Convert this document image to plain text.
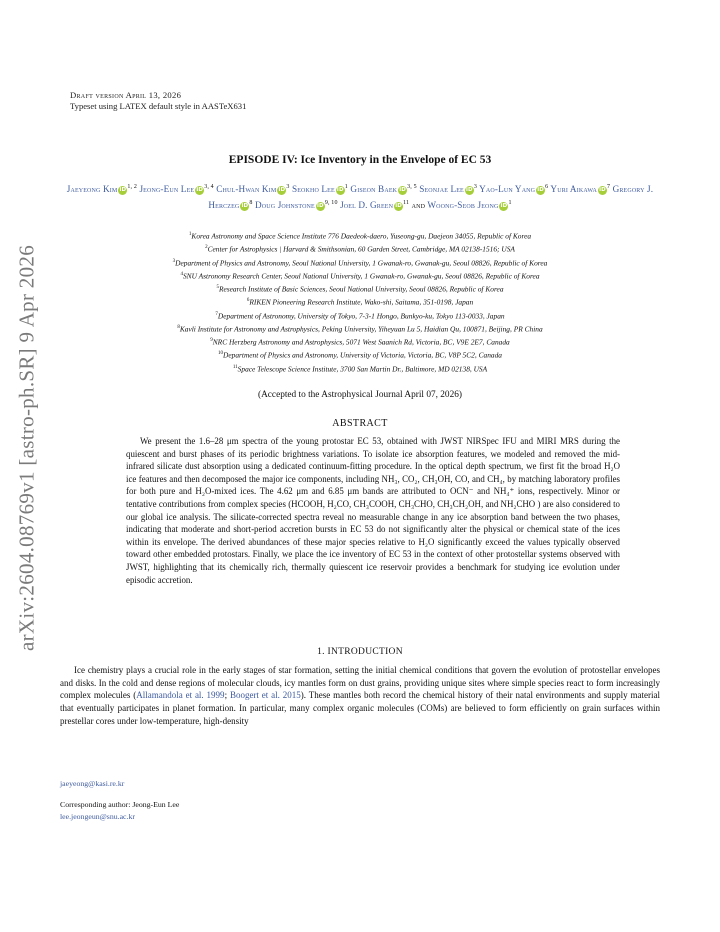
arXiv:2604.08769v1 [astro-ph.SR] 9 Apr 2026
Draft version April 13, 2026
Typeset using LATEX default style in AASTeX631
EPISODE IV: Ice Inventory in the Envelope of EC 53
Jaeyeong Kim iD$^{1, 2}$ Jeong-Eun Lee iD$^{3, 4}$ Chul-Hwan Kim $iD^3$ Seokho Lee $iD^1$ Giseon Baek iD$^{3, 5}$ Seonjae Lee $iD^3$ Yao-Lun Yang $iD^6$ Yuri Aikawa $iD^7$ Gregory J. Herczeg $iD^8$ Doug Johnstone iD$^{9, 10}$ Joel D. Green $iD^{11}$ and Woong-Seob Jeong $iD^1$
$^1$Korea Astronomy and Space Science Institute 776 Daedeok-daero, Yuseong-gu, Daejeon 34055, Republic of Korea
$^2$Center for Astrophysics | Harvard & Smithsonian, 60 Garden Street, Cambridge, MA 02138-1516; USA
$^3$Department of Physics and Astronomy, Seoul National University, 1 Gwanak-ro, Gwanak-gu, Seoul 08826, Republic of Korea
$^4$SNU Astronomy Research Center, Seoul National University, 1 Gwanak-ro, Gwanak-gu, Seoul 08826, Republic of Korea
$^5$Research Institute of Basic Sciences, Seoul National University, Seoul 08826, Republic of Korea
$^6$RIKEN Pioneering Research Institute, Wako-shi, Saitama, 351-0198, Japan
$^7$Department of Astronomy, University of Tokyo, 7-3-1 Hongo, Bunkyo-ku, Tokyo 113-0033, Japan
$^8$Kavli Institute for Astronomy and Astrophysics, Peking University, Yiheyuan Lu 5, Haidian Qu, 100871, Beijing, PR China
$^9$NRC Herzberg Astronomy and Astrophysics, 5071 West Saanich Rd, Victoria, BC, V9E 2E7, Canada
$^{10}$Department of Physics and Astronomy, University of Victoria, Victoria, BC, V8P 5C2, Canada
$^{11}$Space Telescope Science Institute, 3700 San Martin Dr., Baltimore, MD 02138, USA
(Accepted to the Astrophysical Journal April 07, 2026)
ABSTRACT
We present the 1.6–28 μm spectra of the young protostar EC 53, obtained with JWST NIRSpec IFU and MIRI MRS during the quiescent and burst phases of its periodic brightness variations. To isolate ice absorption features, we modeled and removed the mid-infrared silicate dust absorption using a dedicated continuum-fitting procedure. In the optical depth spectrum, we first fit the broad H₂O ice features and then decomposed the major ice components, including NH₃, CO₂, CH₃OH, CO, and CH₄, by matching laboratory profiles for both pure and H₂O-mixed ices. The 4.62 μm and 6.85 μm bands are attributed to OCN⁻ and NH₄⁺ ions, respectively. Minor or tentative contributions from complex species (HCOOH, H₂CO, CH₃COOH, CH₃CHO, CH₃CH₂OH, and NH₂CHO ) are also considered to our global ice analysis. The silicate-corrected spectra reveal no measurable change in any ice absorption band between the two phases, indicating that moderate and short-period accretion bursts in EC 53 do not significantly alter the physical or chemical state of the ices within its envelope. The derived abundances of these major species relative to H₂O significantly exceed the values typically observed toward other embedded protostars. Finally, we place the ice inventory of EC 53 in the context of other protostellar systems observed with JWST, highlighting that its chemically rich, thermally quiescent ice reservoir provides a benchmark for studying ice evolution under episodic accretion.
1. INTRODUCTION
Ice chemistry plays a crucial role in the early stages of star formation, setting the initial chemical conditions that govern the evolution of protostellar envelopes and disks. In the cold and dense regions of molecular clouds, icy mantles form on dust grains, providing unique sites where simple species react to form increasingly complex molecules (Allamandola et al. 1999; Boogert et al. 2015). These mantles both record the chemical history of their natal environments and supply material that eventually participates in planet formation. In particular, many complex organic molecules (COMs) are believed to form efficiently on grain surfaces within prestellar cores under low-temperature, high-density
jaeyeong@kasi.re.kr
Corresponding author: Jeong-Eun Lee
lee.jeongeun@snu.ac.kr
